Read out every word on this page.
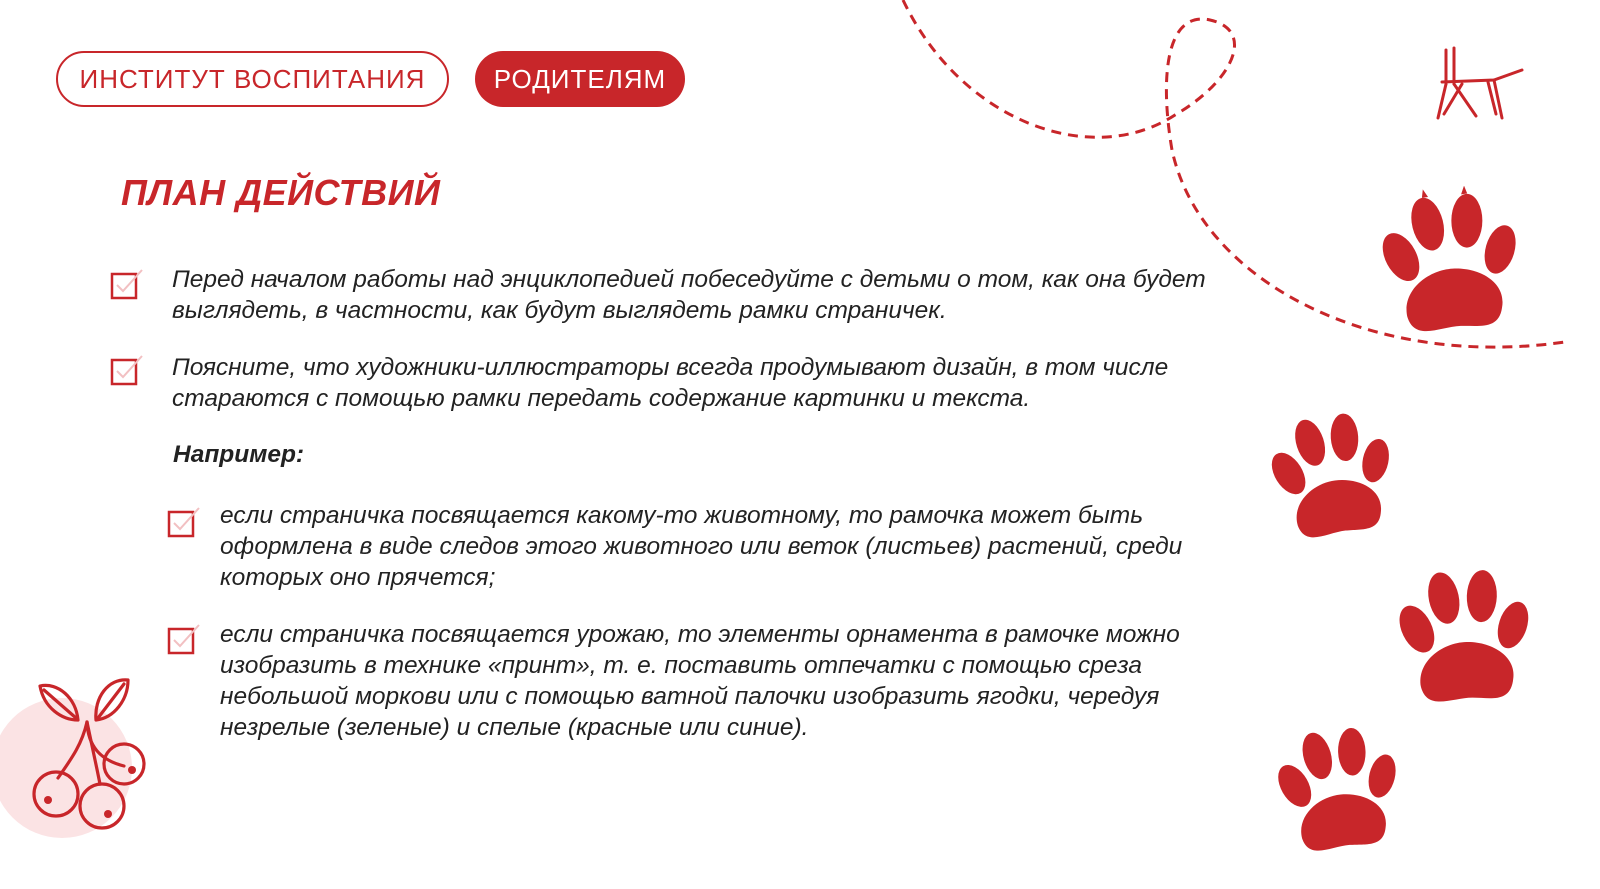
ИНСТИТУТ ВОСПИТАНИЯ	РОДИТЕЛЯМ
ПЛАН ДЕЙСТВИЙ

Перед началом работы над энциклопедией побеседуйте с детьми о том, как она будет выглядеть, в частности, как будут выглядеть рамки страничек.

Поясните, что художники-иллюстраторы всегда продумывают дизайн, в том числе стараются с помощью рамки передать содержание картинки и текста.

Например:

если страничка посвящается какому-то животному, то рамочка может быть оформлена в виде следов этого животного или веток (листьев) растений, среди которых оно прячется;

если страничка посвящается урожаю, то элементы орнамента в рамочке можно изобразить в технике «принт», т. е. поставить отпечатки с помощью среза небольшой моркови или с помощью ватной палочки изобразить ягодки, чередуя незрелые (зеленые) и спелые (красные или синие).
